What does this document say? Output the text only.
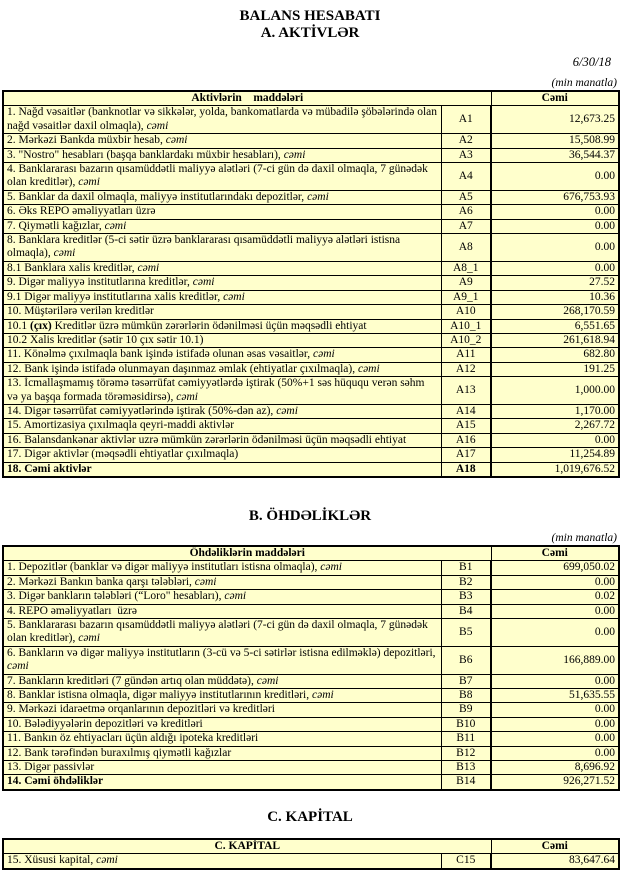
BALANS HESABATI
A. AKTİVLƏR
6/30/18
(min manatla)
Aktivlərin    maddələri		Cəmi
1. Nağd vəsaitlər (banknotlar və sikkələr, yolda, bankomatlarda və mübadilə şöbələrində olan nağd vəsaitlər daxil olmaqla), cəmi	A1	12,673.25
2. Mərkəzi Bankda müxbir hesab, cəmi	A2	15,508.99
3. "Nostro" hesabları (başqa banklardakı müxbir hesabları), cəmi	A3	36,544.37
4. Banklararası bazarın qısamüddətli maliyyə alətləri (7-ci gün də daxil olmaqla, 7 günədək olan kreditlər), cəmi	A4	0.00
5. Banklar da daxil olmaqla, maliyyə institutlarındakı depozitlər, cəmi	A5	676,753.93
6. Əks REPO əməliyyatları üzrə	A6	0.00
7. Qiymətli kağızlar, cəmi	A7	0.00
8. Banklara kreditlər (5-ci sətir üzrə banklararası qısamüddətli maliyyə alətləri istisna olmaqla), cəmi	A8	0.00
8.1 Banklara xalis kreditlər, cəmi	A8_1	0.00
9. Digər maliyyə institutlarına kreditlər, cəmi	A9	27.52
9.1 Digər maliyyə institutlarına xalis kreditlər, cəmi	A9_1	10.36
10. Müştərilərə verilən kreditlər	A10	268,170.59
10.1 (çıx) Kreditlər üzrə mümkün zərərlərin ödənilməsi üçün məqsədli ehtiyat	A10_1	6,551.65
10.2 Xalis kreditlər (sətir 10 çıx sətir 10.1)	A10_2	261,618.94
11. Könəlmə çıxılmaqla bank işində istifadə olunan əsas vəsaitlər, cəmi	A11	682.80
12. Bank işində istifadə olunmayan daşınmaz əmlak (ehtiyatlar çıxılmaqla), cəmi	A12	191.25
13. İcmallaşmamış törəmə təsərrüfat cəmiyyətlərdə iştirak (50%+1 səs hüququ verən səhm və ya başqa formada törəməsidirsə), cəmi	A13	1,000.00
14. Digər təsərrüfat cəmiyyətlərində iştirak (50%-dən az), cəmi	A14	1,170.00
15. Amortizasiya çıxılmaqla qeyri-maddi aktivlər	A15	2,267.72
16. Balansdankənar aktivlər uzrə mümkün zərərlərin ödənilməsi üçün məqsədli ehtiyat	A16	0.00
17. Digər aktivlər (məqsədli ehtiyatlar çıxılmaqla)	A17	11,254.89
18. Cəmi aktivlər	A18	1,019,676.52
B. ÖHDƏLİKLƏR
(min manatla)
Öhdəliklərin maddələri		Cəmi
1. Depozitlər (banklar və digər maliyyə institutları istisna olmaqla), cəmi	B1	699,050.02
2. Mərkəzi Bankın banka qarşı tələbləri, cəmi	B2	0.00
3. Digər bankların tələbləri (“Loro" hesabları), cəmi	B3	0.02
4. REPO əməliyyatları  üzrə	B4	0.00
5. Banklararası bazarın qısamüddətli maliyyə alətləri (7-ci gün də daxil olmaqla, 7 günədək olan kreditlər), cəmi	B5	0.00
6. Bankların və digər maliyyə institutların (3-cü və 5-ci sətirlər istisna edilməklə) depozitləri, cəmi	B6	166,889.00
7. Bankların kreditləri (7 gündən artıq olan müddətə), cəmi	B7	0.00
8. Banklar istisna olmaqla, digər maliyyə institutlarının kreditləri, cəmi	B8	51,635.55
9. Mərkəzi idarəetmə orqanlarının depozitləri və kreditləri	B9	0.00
10. Bələdiyyələrin depozitləri və kreditləri	B10	0.00
11. Bankın öz ehtiyacları üçün aldığı ipoteka kreditləri	B11	0.00
12. Bank tərəfindən buraxılmış qiymətli kağızlar	B12	0.00
13. Digər passivlər	B13	8,696.92
14. Cəmi öhdəliklər	B14	926,271.52
C. KAPİTAL
C. KAPİTAL		Cəmi
15. Xüsusi kapital, cəmi	C15	83,647.64
